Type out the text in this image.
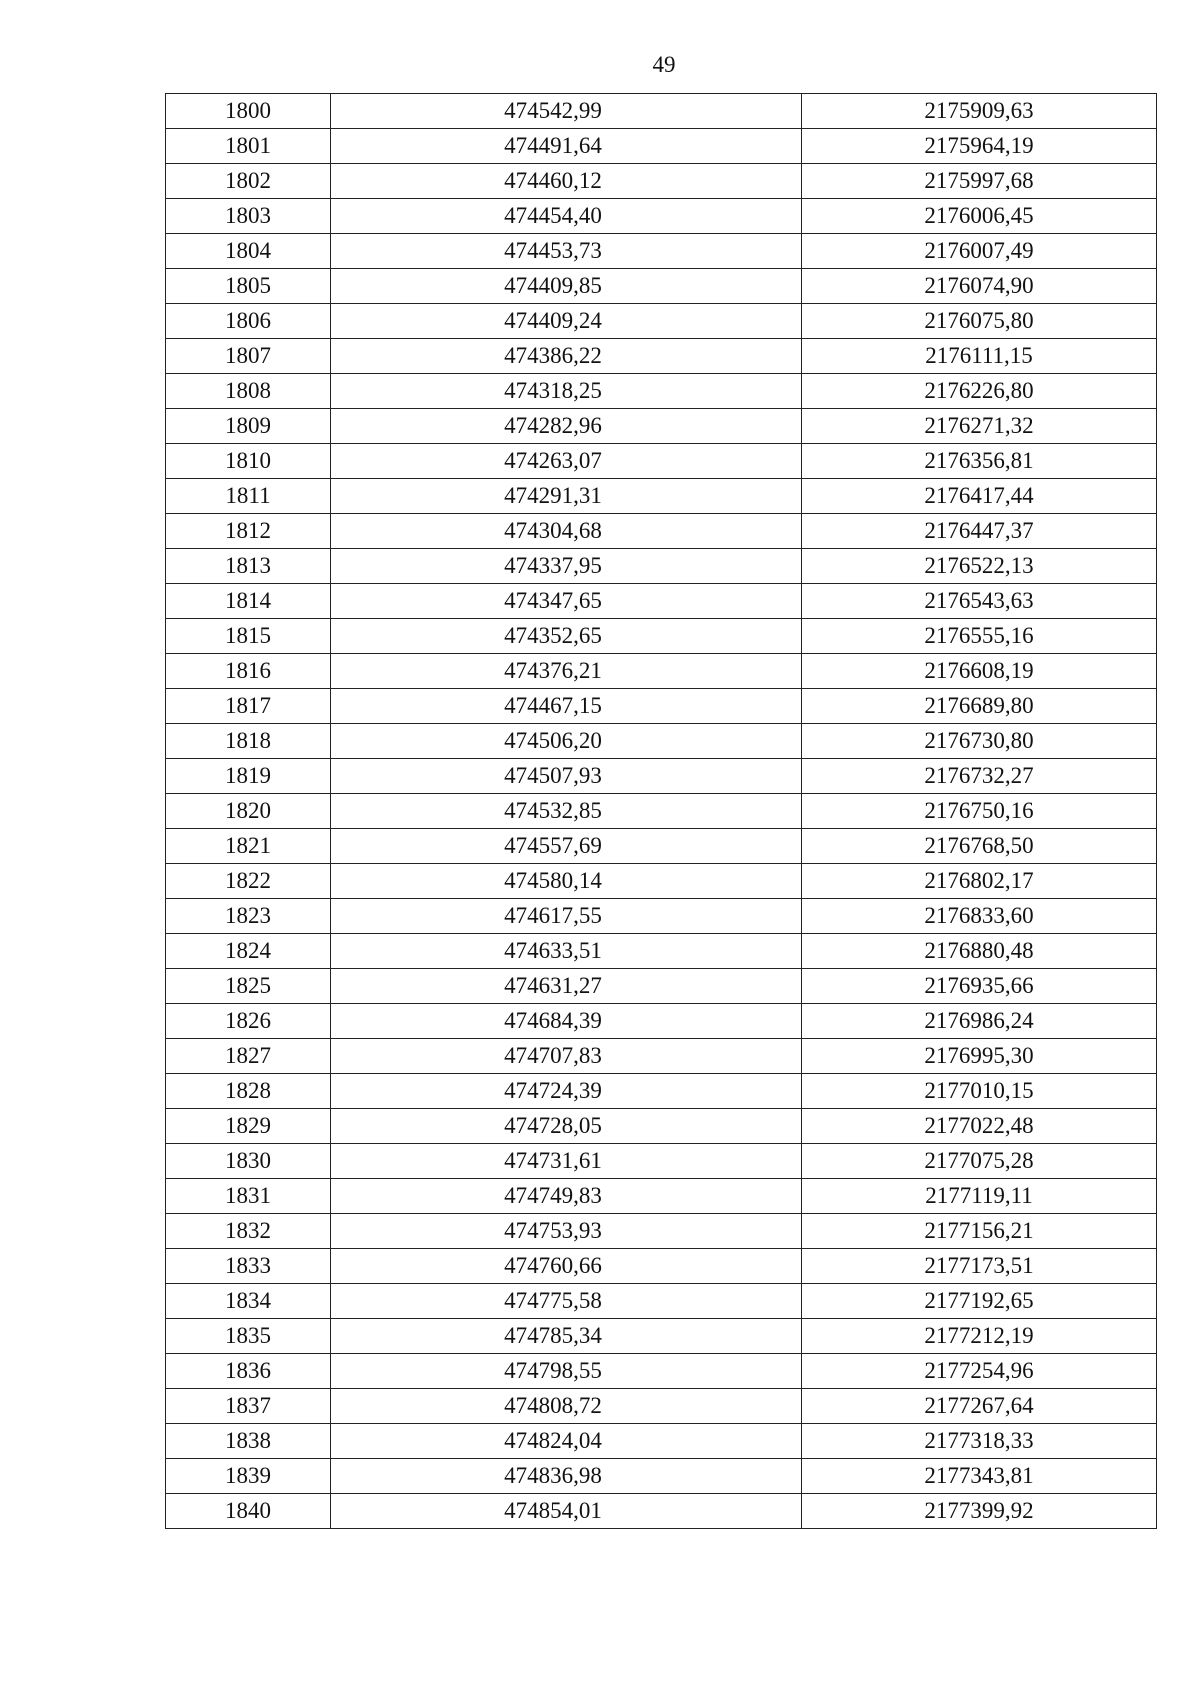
49
1800	474542,99	2175909,63
1801	474491,64	2175964,19
1802	474460,12	2175997,68
1803	474454,40	2176006,45
1804	474453,73	2176007,49
1805	474409,85	2176074,90
1806	474409,24	2176075,80
1807	474386,22	2176111,15
1808	474318,25	2176226,80
1809	474282,96	2176271,32
1810	474263,07	2176356,81
1811	474291,31	2176417,44
1812	474304,68	2176447,37
1813	474337,95	2176522,13
1814	474347,65	2176543,63
1815	474352,65	2176555,16
1816	474376,21	2176608,19
1817	474467,15	2176689,80
1818	474506,20	2176730,80
1819	474507,93	2176732,27
1820	474532,85	2176750,16
1821	474557,69	2176768,50
1822	474580,14	2176802,17
1823	474617,55	2176833,60
1824	474633,51	2176880,48
1825	474631,27	2176935,66
1826	474684,39	2176986,24
1827	474707,83	2176995,30
1828	474724,39	2177010,15
1829	474728,05	2177022,48
1830	474731,61	2177075,28
1831	474749,83	2177119,11
1832	474753,93	2177156,21
1833	474760,66	2177173,51
1834	474775,58	2177192,65
1835	474785,34	2177212,19
1836	474798,55	2177254,96
1837	474808,72	2177267,64
1838	474824,04	2177318,33
1839	474836,98	2177343,81
1840	474854,01	2177399,92
